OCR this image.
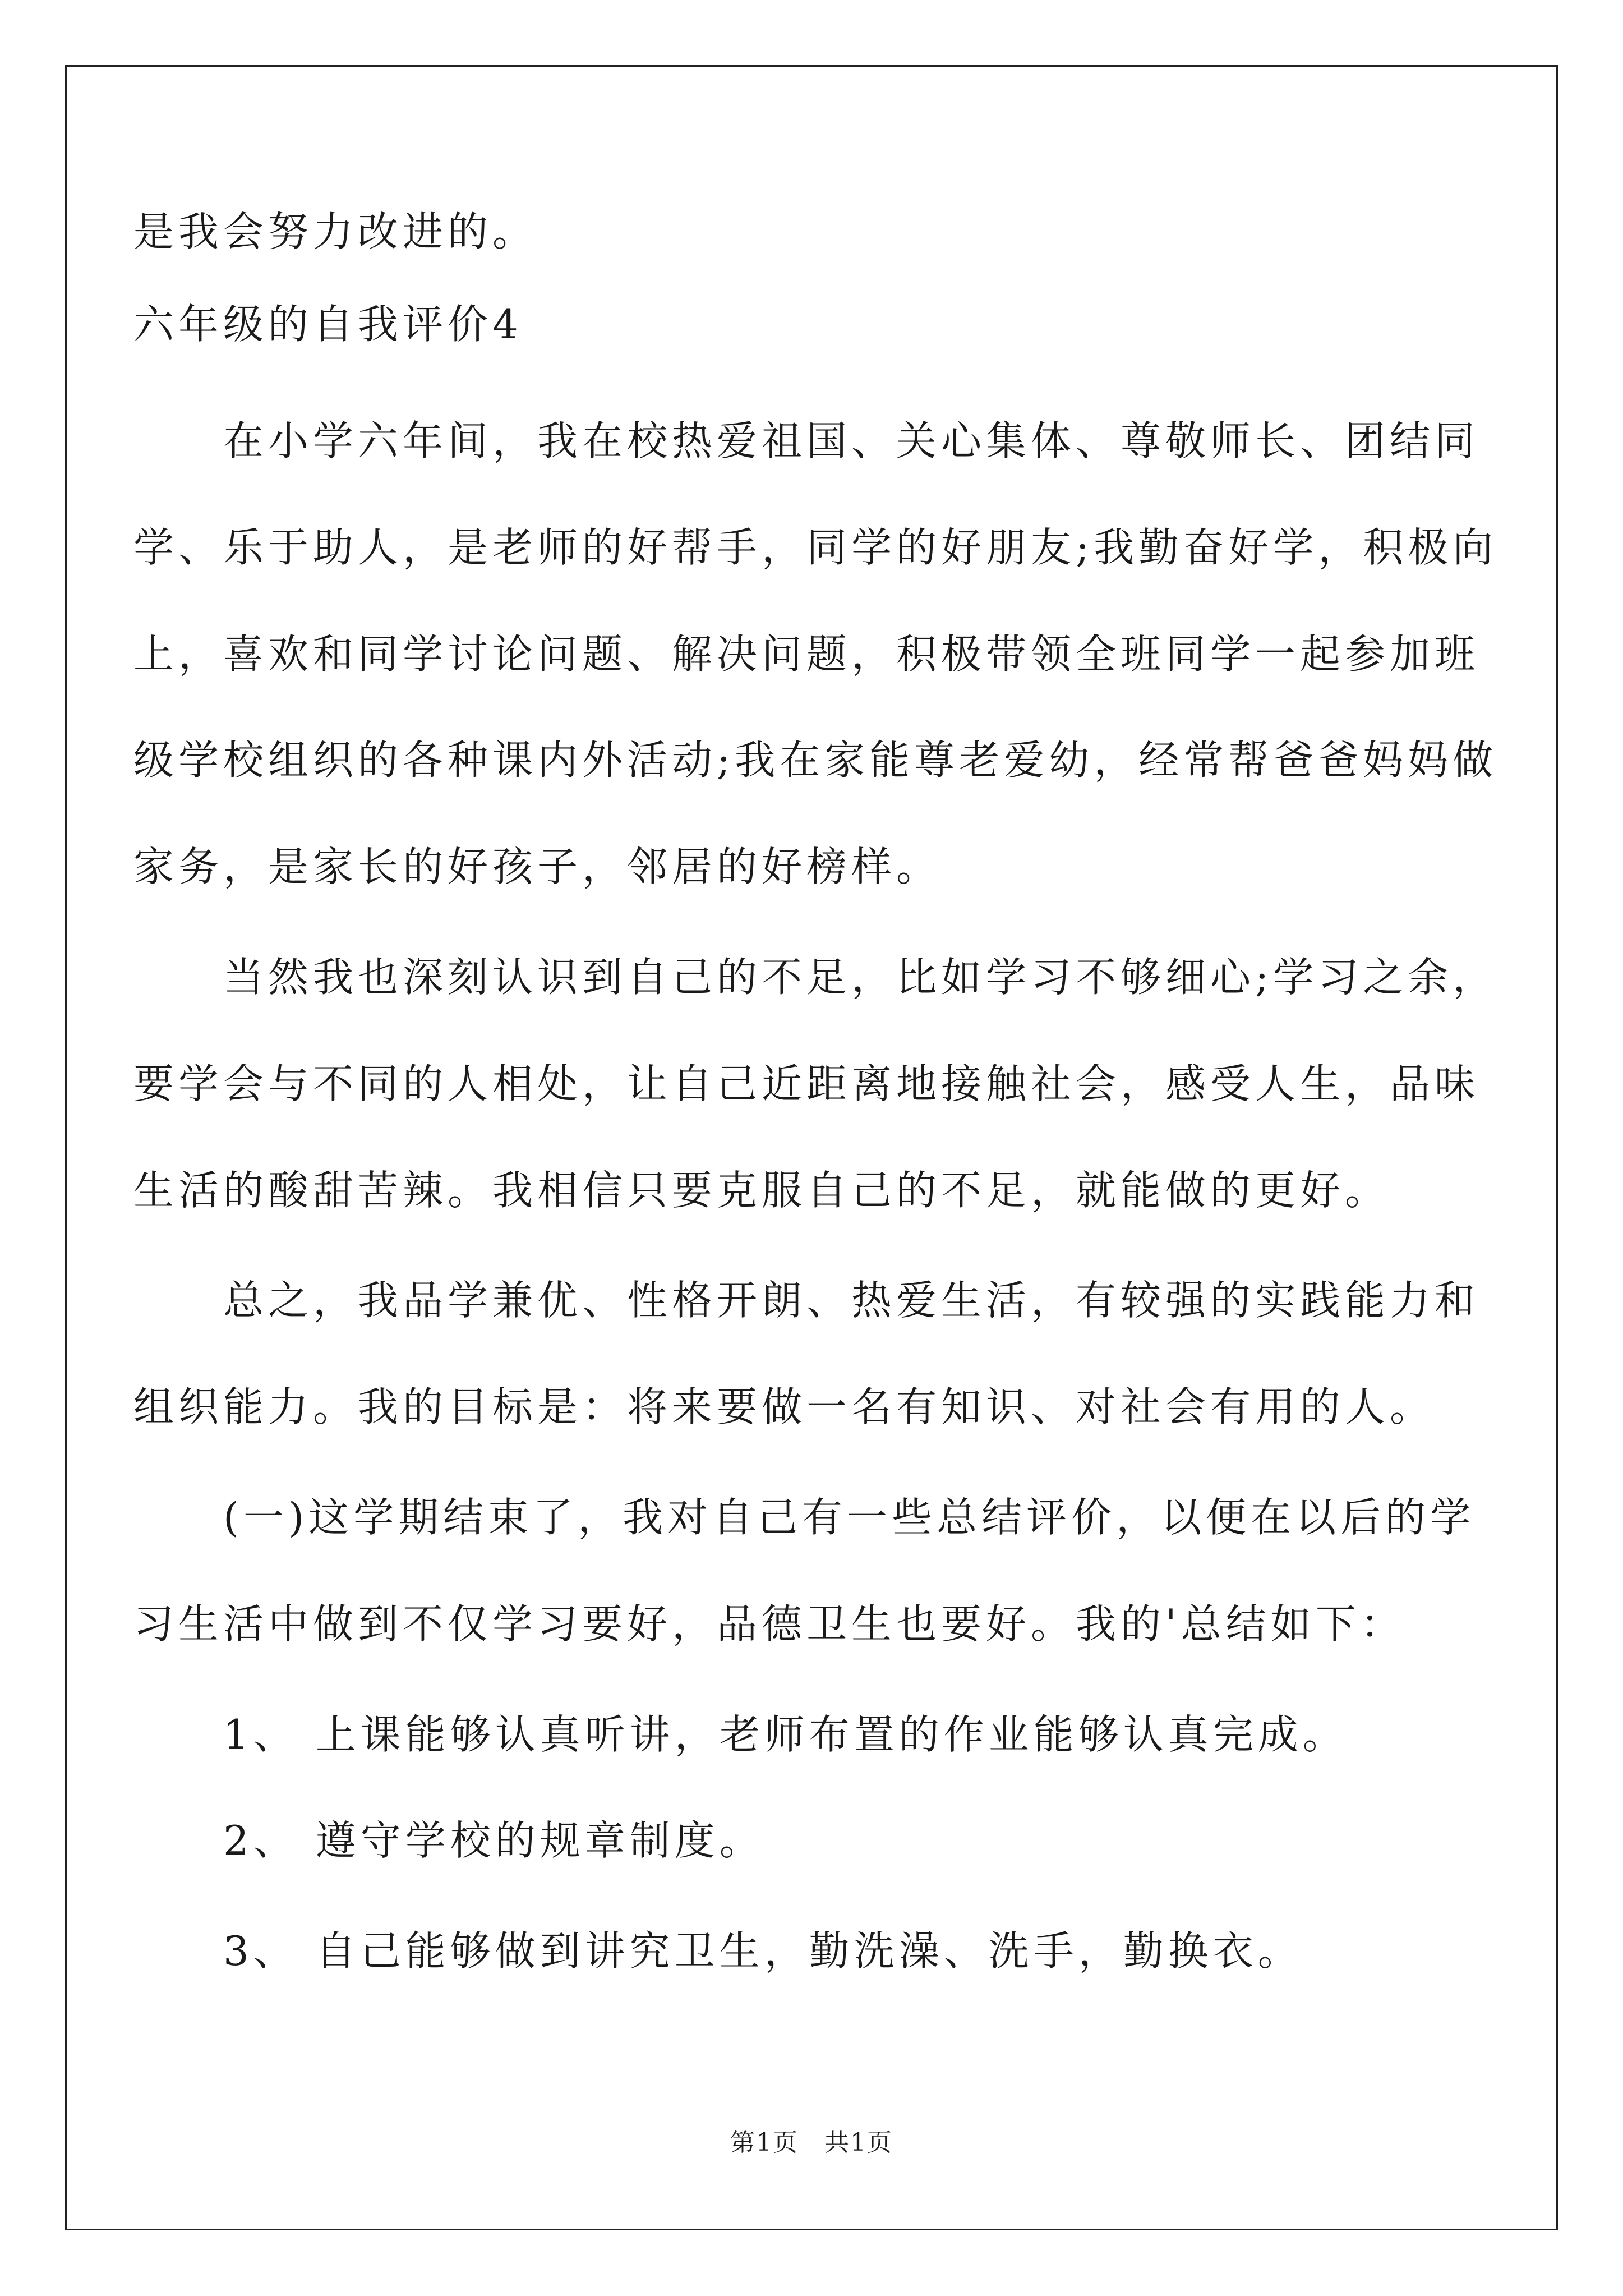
是我会努力改进的。
六年级的自我评价4
　　在小学六年间，我在校热爱祖国、关心集体、尊敬师长、团结同
学、乐于助人，是老师的好帮手，同学的好朋友;我勤奋好学，积极向
上，喜欢和同学讨论问题、解决问题，积极带领全班同学一起参加班
级学校组织的各种课内外活动;我在家能尊老爱幼，经常帮爸爸妈妈做
家务，是家长的好孩子，邻居的好榜样。
　　当然我也深刻认识到自己的不足，比如学习不够细心;学习之余，
要学会与不同的人相处，让自己近距离地接触社会，感受人生，品味
生活的酸甜苦辣。我相信只要克服自己的不足，就能做的更好。
　　总之，我品学兼优、性格开朗、热爱生活，有较强的实践能力和
组织能力。我的目标是：将来要做一名有知识、对社会有用的人。
　　(一)这学期结束了，我对自己有一些总结评价，以便在以后的学
习生活中做到不仅学习要好，品德卫生也要好。我的'总结如下：
　　1、 上课能够认真听讲，老师布置的作业能够认真完成。
　　2、 遵守学校的规章制度。
　　3、 自己能够做到讲究卫生，勤洗澡、洗手，勤换衣。
第1页　共1页
